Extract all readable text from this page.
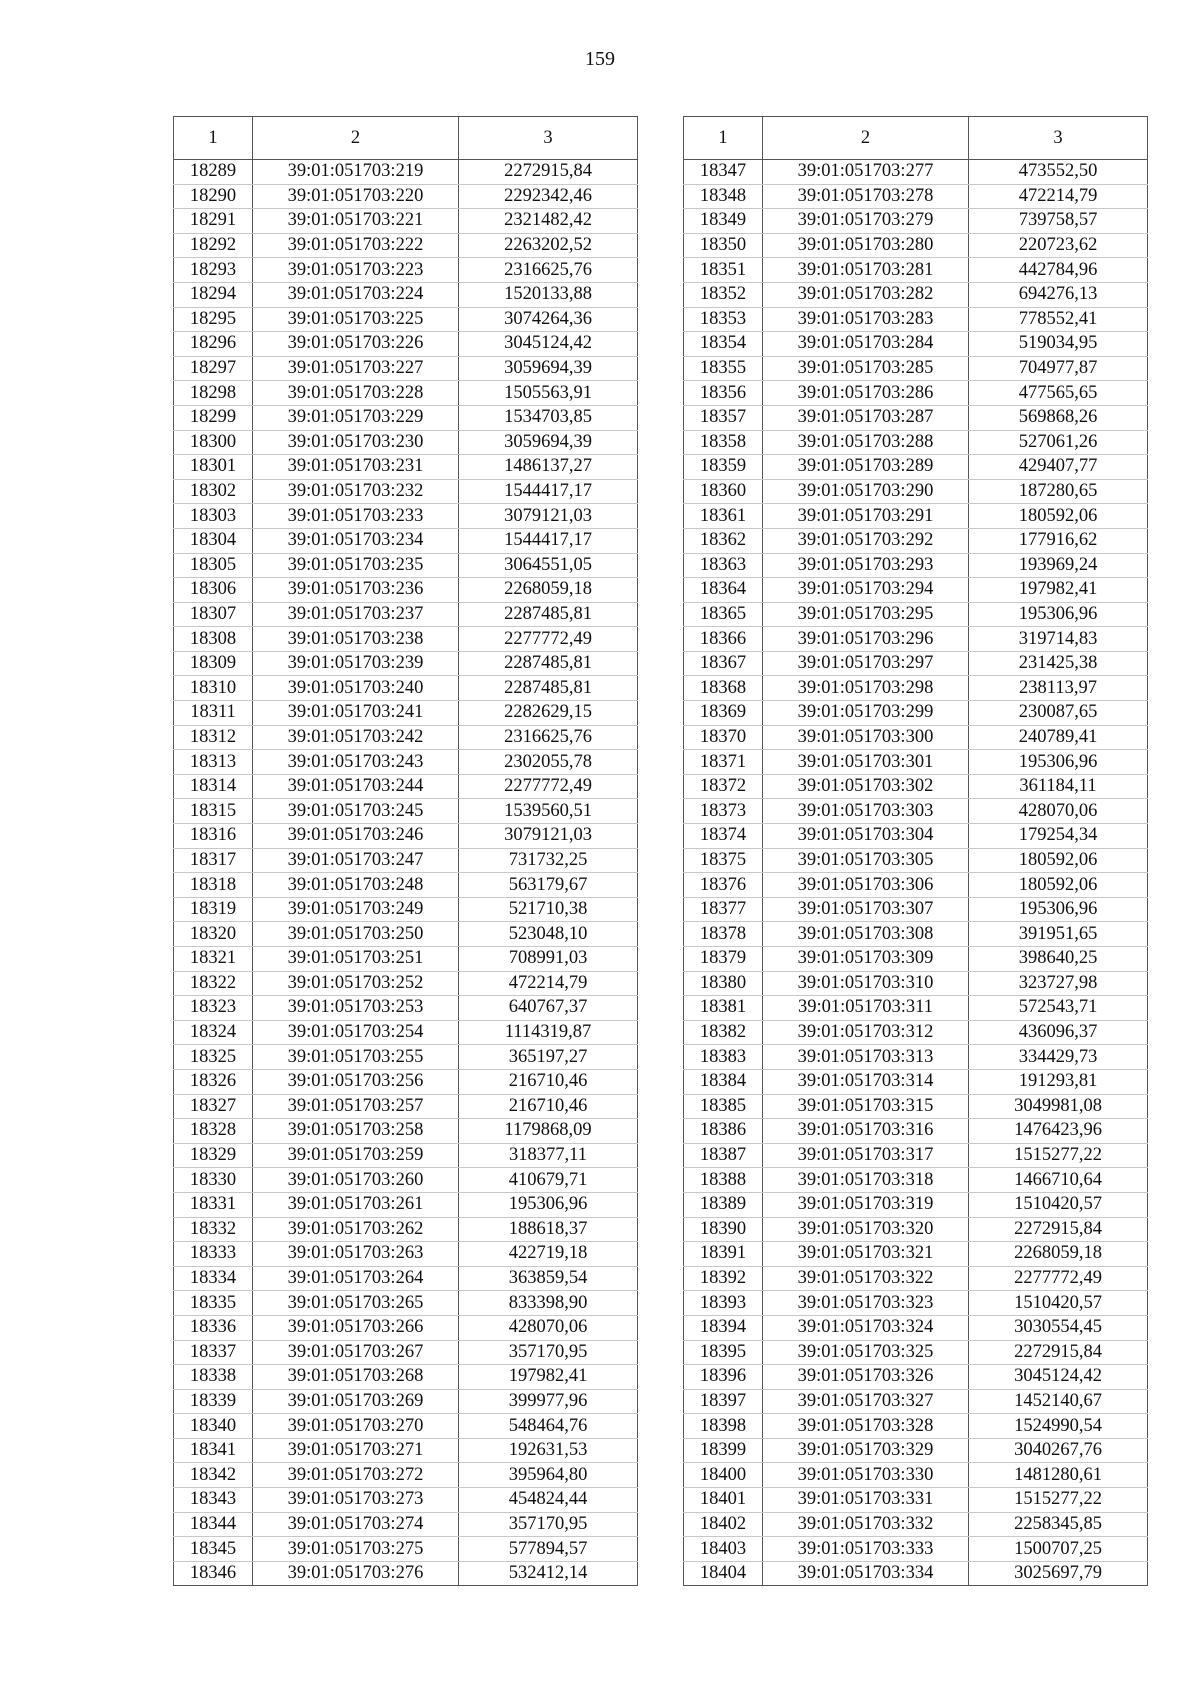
159
1	2	3
18289	39:01:051703:219	2272915,84
18290	39:01:051703:220	2292342,46
18291	39:01:051703:221	2321482,42
18292	39:01:051703:222	2263202,52
18293	39:01:051703:223	2316625,76
18294	39:01:051703:224	1520133,88
18295	39:01:051703:225	3074264,36
18296	39:01:051703:226	3045124,42
18297	39:01:051703:227	3059694,39
18298	39:01:051703:228	1505563,91
18299	39:01:051703:229	1534703,85
18300	39:01:051703:230	3059694,39
18301	39:01:051703:231	1486137,27
18302	39:01:051703:232	1544417,17
18303	39:01:051703:233	3079121,03
18304	39:01:051703:234	1544417,17
18305	39:01:051703:235	3064551,05
18306	39:01:051703:236	2268059,18
18307	39:01:051703:237	2287485,81
18308	39:01:051703:238	2277772,49
18309	39:01:051703:239	2287485,81
18310	39:01:051703:240	2287485,81
18311	39:01:051703:241	2282629,15
18312	39:01:051703:242	2316625,76
18313	39:01:051703:243	2302055,78
18314	39:01:051703:244	2277772,49
18315	39:01:051703:245	1539560,51
18316	39:01:051703:246	3079121,03
18317	39:01:051703:247	731732,25
18318	39:01:051703:248	563179,67
18319	39:01:051703:249	521710,38
18320	39:01:051703:250	523048,10
18321	39:01:051703:251	708991,03
18322	39:01:051703:252	472214,79
18323	39:01:051703:253	640767,37
18324	39:01:051703:254	1114319,87
18325	39:01:051703:255	365197,27
18326	39:01:051703:256	216710,46
18327	39:01:051703:257	216710,46
18328	39:01:051703:258	1179868,09
18329	39:01:051703:259	318377,11
18330	39:01:051703:260	410679,71
18331	39:01:051703:261	195306,96
18332	39:01:051703:262	188618,37
18333	39:01:051703:263	422719,18
18334	39:01:051703:264	363859,54
18335	39:01:051703:265	833398,90
18336	39:01:051703:266	428070,06
18337	39:01:051703:267	357170,95
18338	39:01:051703:268	197982,41
18339	39:01:051703:269	399977,96
18340	39:01:051703:270	548464,76
18341	39:01:051703:271	192631,53
18342	39:01:051703:272	395964,80
18343	39:01:051703:273	454824,44
18344	39:01:051703:274	357170,95
18345	39:01:051703:275	577894,57
18346	39:01:051703:276	532412,14
1	2	3
18347	39:01:051703:277	473552,50
18348	39:01:051703:278	472214,79
18349	39:01:051703:279	739758,57
18350	39:01:051703:280	220723,62
18351	39:01:051703:281	442784,96
18352	39:01:051703:282	694276,13
18353	39:01:051703:283	778552,41
18354	39:01:051703:284	519034,95
18355	39:01:051703:285	704977,87
18356	39:01:051703:286	477565,65
18357	39:01:051703:287	569868,26
18358	39:01:051703:288	527061,26
18359	39:01:051703:289	429407,77
18360	39:01:051703:290	187280,65
18361	39:01:051703:291	180592,06
18362	39:01:051703:292	177916,62
18363	39:01:051703:293	193969,24
18364	39:01:051703:294	197982,41
18365	39:01:051703:295	195306,96
18366	39:01:051703:296	319714,83
18367	39:01:051703:297	231425,38
18368	39:01:051703:298	238113,97
18369	39:01:051703:299	230087,65
18370	39:01:051703:300	240789,41
18371	39:01:051703:301	195306,96
18372	39:01:051703:302	361184,11
18373	39:01:051703:303	428070,06
18374	39:01:051703:304	179254,34
18375	39:01:051703:305	180592,06
18376	39:01:051703:306	180592,06
18377	39:01:051703:307	195306,96
18378	39:01:051703:308	391951,65
18379	39:01:051703:309	398640,25
18380	39:01:051703:310	323727,98
18381	39:01:051703:311	572543,71
18382	39:01:051703:312	436096,37
18383	39:01:051703:313	334429,73
18384	39:01:051703:314	191293,81
18385	39:01:051703:315	3049981,08
18386	39:01:051703:316	1476423,96
18387	39:01:051703:317	1515277,22
18388	39:01:051703:318	1466710,64
18389	39:01:051703:319	1510420,57
18390	39:01:051703:320	2272915,84
18391	39:01:051703:321	2268059,18
18392	39:01:051703:322	2277772,49
18393	39:01:051703:323	1510420,57
18394	39:01:051703:324	3030554,45
18395	39:01:051703:325	2272915,84
18396	39:01:051703:326	3045124,42
18397	39:01:051703:327	1452140,67
18398	39:01:051703:328	1524990,54
18399	39:01:051703:329	3040267,76
18400	39:01:051703:330	1481280,61
18401	39:01:051703:331	1515277,22
18402	39:01:051703:332	2258345,85
18403	39:01:051703:333	1500707,25
18404	39:01:051703:334	3025697,79
